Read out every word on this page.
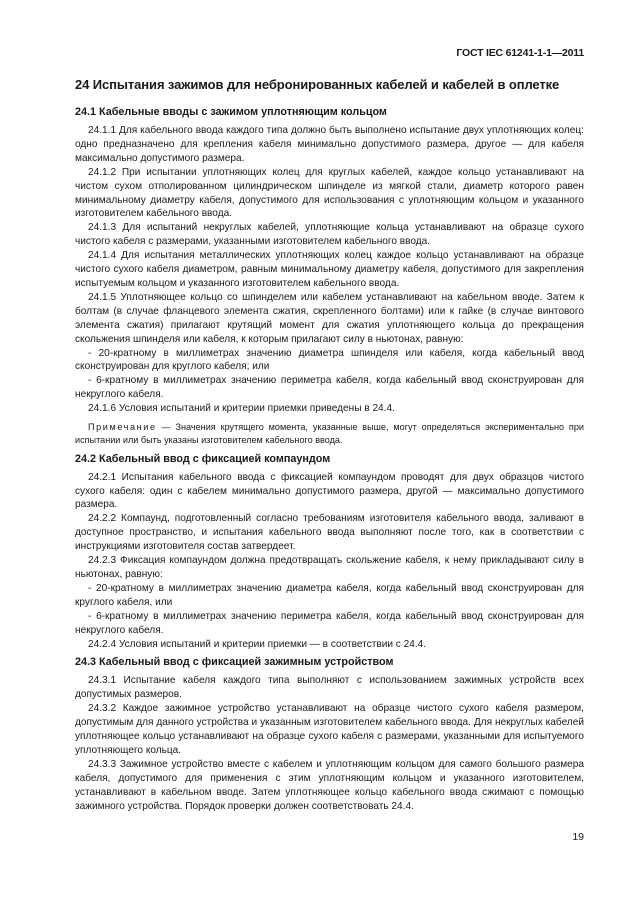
ГОСТ IEC 61241-1-1—2011
24 Испытания зажимов для небронированных кабелей и кабелей в оплетке
24.1 Кабельные вводы с зажимом уплотняющим кольцом

24.1.1 Для кабельного ввода каждого типа должно быть выполнено испытание двух уплотняющих колец: одно предназначено для крепления кабеля минимально допустимого размера, другое — для кабеля максимально допустимого размера.

24.1.2 При испытании уплотняющих колец для круглых кабелей, каждое кольцо устанавливают на чистом сухом отполированном цилиндрическом шпинделе из мягкой стали, диаметр которого равен минимальному диаметру кабеля, допустимого для использования с уплотняющим кольцом и указанного изготовителем кабельного ввода.

24.1.3 Для испытаний некруглых кабелей, уплотняющие кольца устанавливают на образце сухого чистого кабеля с размерами, указанными изготовителем кабельного ввода.

24.1.4 Для испытания металлических уплотняющих колец каждое кольцо устанавливают на образце чистого сухого кабеля диаметром, равным минимальному диаметру кабеля, допустимого для закрепления испытуемым кольцом и указанного изготовителем кабельного ввода.

24.1.5 Уплотняющее кольцо со шпинделем или кабелем устанавливают на кабельном вводе. Затем к болтам (в случае фланцевого элемента сжатия, скрепленного болтами) или к гайке (в случае винтового элемента сжатия) прилагают крутящий момент для сжатия уплотняющего кольца до прекращения скольжения шпинделя или кабеля, к которым прилагают силу в ньютонах, равную:

- 20-кратному в миллиметрах значению диаметра шпинделя или кабеля, когда кабельный ввод сконструирован для круглого кабеля; или

- 6-кратному в миллиметрах значению периметра кабеля, когда кабельный ввод сконструирован для некруглого кабеля.

24.1.6 Условия испытаний и критерии приемки приведены в 24.4.

Примечание — Значения крутящего момента, указанные выше, могут определяться экспериментально при испытании или быть указаны изготовителем кабельного ввода.

24.2 Кабельный ввод с фиксацией компаундом

24.2.1 Испытания кабельного ввода с фиксацией компаундом проводят для двух образцов чистого сухого кабеля: один с кабелем минимально допустимого размера, другой — максимально допустимого размера.

24.2.2 Компаунд, подготовленный согласно требованиям изготовителя кабельного ввода, заливают в доступное пространство, и испытания кабельного ввода выполняют после того, как в соответствии с инструкциями изготовителя состав затвердеет.

24.2.3 Фиксация компаундом должна предотвращать скольжение кабеля, к нему прикладывают силу в ньютонах, равную:

- 20-кратному в миллиметрах значению диаметра кабеля, когда кабельный ввод сконструирован для круглого кабеля, или

- 6-кратному в миллиметрах значению периметра кабеля, когда кабельный ввод сконструирован для некруглого кабеля.

24.2.4 Условия испытаний и критерии приемки — в соответствии с 24.4.

24.3 Кабельный ввод с фиксацией зажимным устройством

24.3.1 Испытание кабеля каждого типа выполняют с использованием зажимных устройств всех допустимых размеров.

24.3.2 Каждое зажимное устройство устанавливают на образце чистого сухого кабеля размером, допустимым для данного устройства и указанным изготовителем кабельного ввода. Для некруглых кабелей уплотняющее кольцо устанавливают на образце сухого кабеля с размерами, указанными для испытуемого уплотняющего кольца.

24.3.3 Зажимное устройство вместе с кабелем и уплотняющим кольцом для самого большого размера кабеля, допустимого для применения с этим уплотняющим кольцом и указанного изготовителем, устанавливают в кабельном вводе. Затем уплотняющее кольцо кабельного ввода сжимают с помощью зажимного устройства. Порядок проверки должен соответствовать 24.4.

19
